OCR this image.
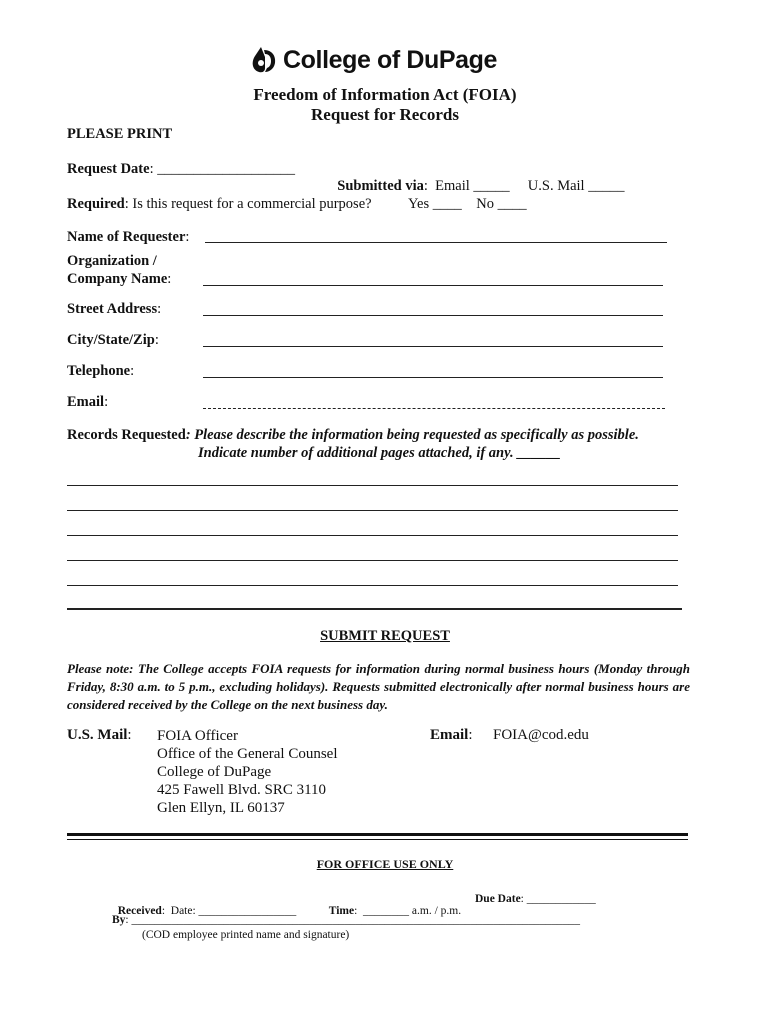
College of DuPage
Freedom of Information Act (FOIA)
Request for Records
PLEASE PRINT
Request Date: ___________________

Submitted via:  Email _____     U.S. Mail _____

Required: Is this request for a commercial purpose?	Yes ____    No ____
Name of Requester:
Organization /
Company Name:
Street Address:
City/State/Zip:
Telephone:
Email:
Records Requested: Please describe the information being requested as specifically as possible.
Indicate number of additional pages attached, if any. ______
SUBMIT REQUEST
Please note: The College accepts FOIA requests for information during normal business hours (Monday through Friday, 8:30 a.m. to 5 p.m., excluding holidays). Requests submitted electronically after normal business hours are considered received by the College on the next business day.
U.S. Mail: FOIA Officer
Office of the General Counsel
College of DuPage
425 Fawell Blvd. SRC 3110
Glen Ellyn, IL 60137
Email: FOIA@cod.edu
FOR OFFICE USE ONLY

Received:  Date: _________________	Time:  ________ a.m. / p.m.

Due Date: ____________
By: ______________________________________________________________________________
(COD employee printed name and signature)
